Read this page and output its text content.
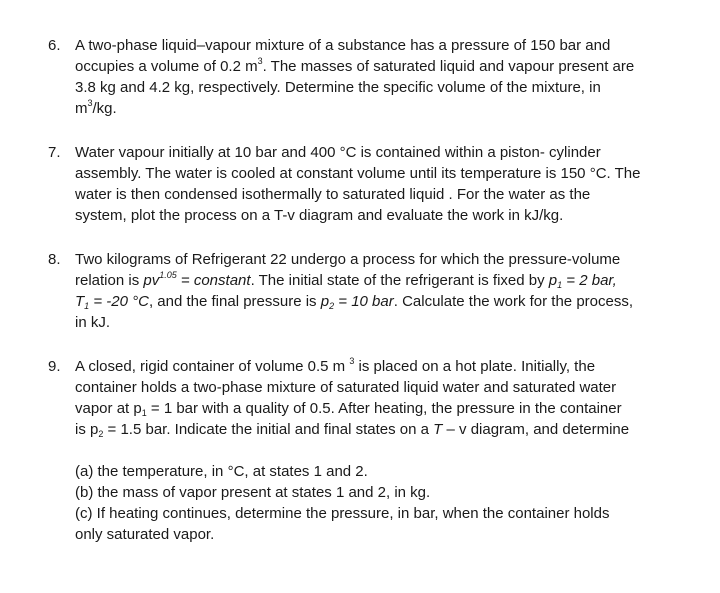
6. A two-phase liquid–vapour mixture of a substance has a pressure of 150 bar and
occupies a volume of 0.2 $m^3$. The masses of saturated liquid and vapour present are
3.8 kg and 4.2 kg, respectively. Determine the specific volume of the mixture, in
$m^3/kg$.
7. Water vapour initially at 10 bar and 400 °C is contained within a piston- cylinder
assembly. The water is cooled at constant volume until its temperature is 150 °C. The
water is then condensed isothermally to saturated liquid . For the water as the
system, plot the process on a T-v diagram and evaluate the work in kJ/kg.
8. Two kilograms of Refrigerant 22 undergo a process for which the pressure-volume
relation is $pv^{1.05}$ = constant. The initial state of the refrigerant is fixed by $p_1 = 2$ bar,
$T_1 = -20$ °C, and the final pressure is $p_2 = 10$ bar. Calculate the work for the process,
in kJ.
9. A closed, rigid container of volume 0.5 m $^3$ is placed on a hot plate. Initially, the
container holds a two-phase mixture of saturated liquid water and saturated water
vapor at $p_1 = 1$ bar with a quality of 0.5. After heating, the pressure in the container
is $p_2 = 1.5$ bar. Indicate the initial and final states on a T – v diagram, and determine
(a) the temperature, in °C, at states 1 and 2.
(b) the mass of vapor present at states 1 and 2, in kg.
(c) If heating continues, determine the pressure, in bar, when the container holds
only saturated vapor.
